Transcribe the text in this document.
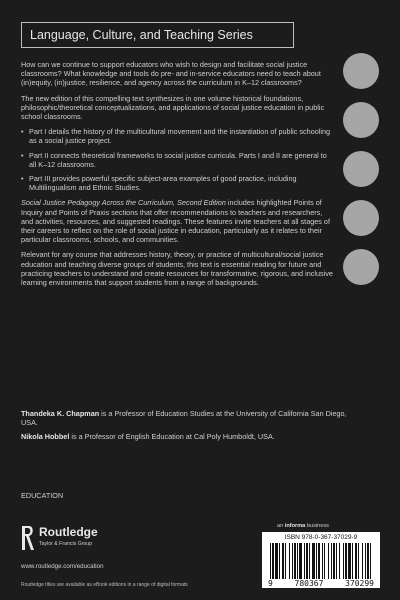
Language, Culture, and Teaching Series

How can we continue to support educators who wish to design and facilitate social justice classrooms? What knowledge and tools do pre- and in-service educators need to teach about (in)equity, (in)justice, resilience, and agency across the curriculum in K–12 classrooms?

The new edition of this compelling text synthesizes in one volume historical foundations, philosophic/theoretical conceptualizations, and applications of social justice education in public school classrooms.

• Part I details the history of the multicultural movement and the instantiation of public schooling as a social justice project.
• Part II connects theoretical frameworks to social justice curricula. Parts I and II are general to all K–12 classrooms.
• Part III provides powerful specific subject-area examples of good practice, including Multilingualism and Ethnic Studies.

Social Justice Pedagogy Across the Curriculum, Second Edition includes highlighted Points of Inquiry and Points of Praxis sections that offer recommendations to teachers and researchers, and activities, resources, and suggested readings. These features invite teachers at all stages of their careers to reflect on the role of social justice in education, particularly as it relates to their particular classrooms, schools, and communities.

Relevant for any course that addresses history, theory, or practice of multicultural/social justice education and teaching diverse groups of students, this text is essential reading for future and practicing teachers to understand and create resources for transformative, rigorous, and inclusive learning environments that support students from a range of backgrounds.

Thandeka K. Chapman is a Professor of Education Studies at the University of California San Diego, USA.
Nikola Hobbel is a Professor of English Education at Cal Poly Humboldt, USA.
EDUCATION
Routledge
Taylor & Francis Group
www.routledge.com/education
Routledge titles are available as eBook editions in a range of digital formats
an informa business
ISBN 978-0-367-37029-9
9	780367	370299
